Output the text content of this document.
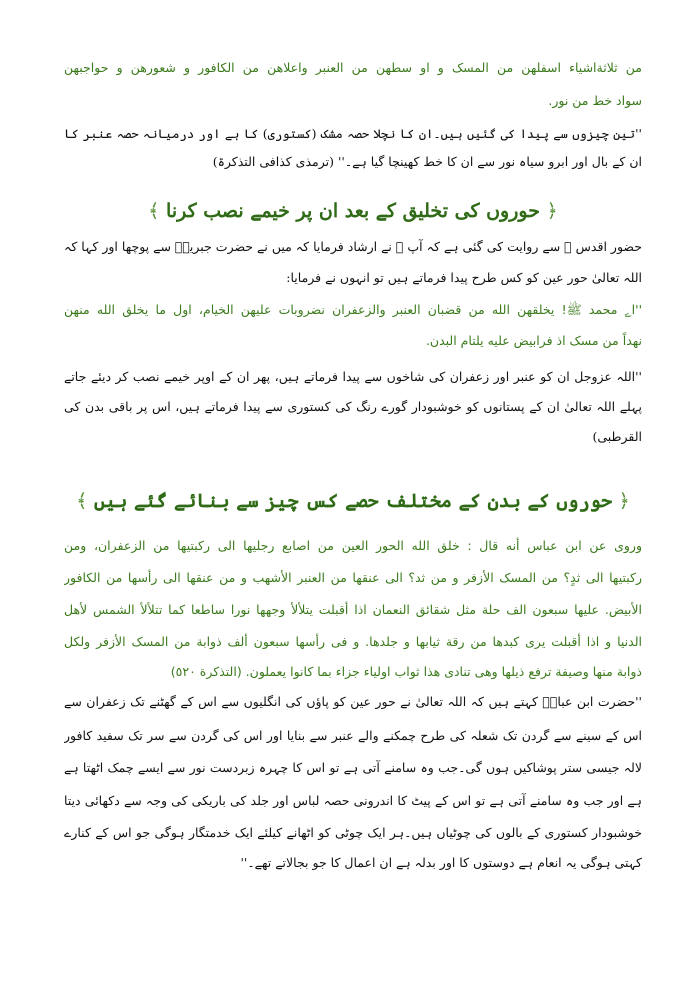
من ثلاثةاشياء اسفلهن من المسک و او سطهن من العنبر واعلاهن من الکافور و شعورهن و حواجبهن
سواد خط من نور.
''تین چیزوں سے پیدا کی گئیں ہیں۔ان کا نچلا حصہ مشک (کستوری) کا ہے اور درمیانہ حصہ عنبر کا
ان کے بال اور ابرو سیاہ نور سے ان کا خط کھینچا گیا ہے۔'' (ترمذی کذافی التذکرۃ)
﴿ حوروں کی تخلیق کے بعد ان پر خیمے نصب کرنا ﴾
حضور اقدس ﷺ سے روایت کی گئی ہے کہ آپ ﷺ نے ارشاد فرمایا کہ میں نے حضرت جبریلؑ سے پوچھا اور کہا کہ
اللہ تعالیٰ حور عین کو کس طرح پیدا فرماتے ہیں تو انہوں نے فرمایا:
''اے محمد ﷺ! یخلقهن الله من قضبان العنبر والزعفران نضروبات عليهن الخيام، اول ما يخلق الله منهن
نهداً من مسک اذ فرابیض عليه يلتام البدن.
''اللہ عزوجل ان کو عنبر اور زعفران کی شاخوں سے پیدا فرماتے ہیں، پھر ان کے اوپر خیمے نصب کر دیئے جاتے
پہلے اللہ تعالیٰ ان کے پستانوں کو خوشبودار گورے رنگ کی کستوری سے پیدا فرماتے ہیں، اس پر باقی بدن کی
القرطبی)
﴿ حوروں کے بدن کے مختلف حصے کس چیز سے بنائے گئے ہیں ﴾
وروی عن ابن عباس أنه قال : خلق الله الحور العين من اصابع رجليها الى ركبتيها من الزعفران، ومن
ركبتيها الى ثدٍ؟ من المسک الأزفر و من ثد؟ الى عنقها من العنبر الأشهب و من عنقها الى رأسها من الكافور
الأبيض. عليها سبعون الف حلة مثل شقائق النعمان اذا أقبلت يتلألأ وجهها نورا ساطعا كما تتلألأ الشمس لأهل
الدنيا و اذا أقبلت يرى كبدها من رقة ثيابها و جلدها. و فى رأسها سبعون ألف ذوابة من المسک الأزفر ولكل
ذوابة منها وصيفة ترفع ذيلها وهى تنادى هذا ثواب اولياء جزاء بما كانوا يعملون. (التذكرة ٥٢٠)
''حضرت ابن عباسؓ کہتے ہیں کہ اللہ تعالیٰ نے حور عین کو پاؤں کی انگلیوں سے اس کے گھٹنے تک زعفران سے
اس کے سینے سے گردن تک شعلہ کی طرح چمکنے والے عنبر سے بنایا اور اس کی گردن سے سر تک سفید کافور
لالہ جیسی ستر پوشاکیں ہوں گی۔جب وہ سامنے آتی ہے تو اس کا چہرہ زبردست نور سے ایسے چمک اٹھتا ہے
ہے اور جب وہ سامنے آتی ہے تو اس کے پیٹ کا اندرونی حصہ لباس اور جلد کی باریکی کی وجہ سے دکھائی دیتا
خوشبودار کستوری کے بالوں کی چوٹیاں ہیں۔ہر ایک چوٹی کو اٹھانے کیلئے ایک خدمتگار ہوگی جو اس کے کنارے
کہتی ہوگی یہ انعام ہے دوستوں کا اور بدلہ ہے ان اعمال کا جو بجالاتے تھے۔''
